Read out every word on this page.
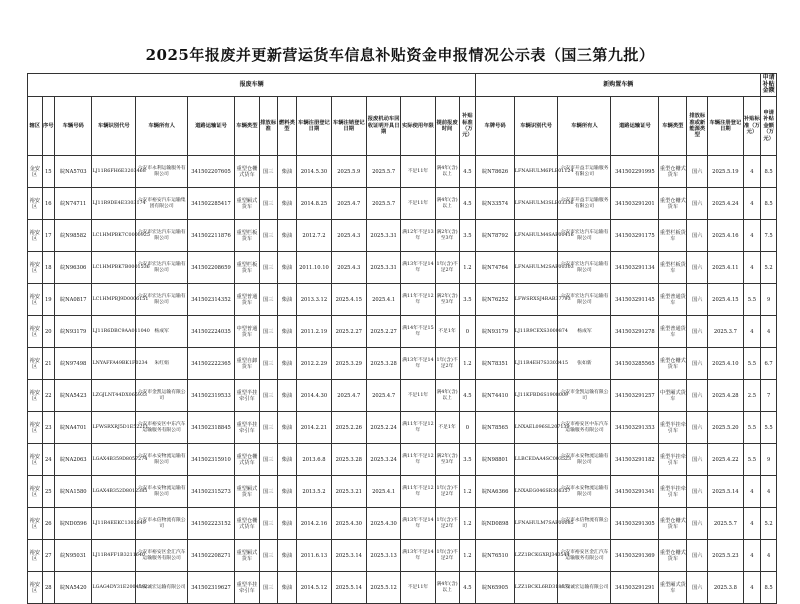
2025年报废并更新营运货车信息补贴资金申报情况公示表（国三第九批）
报废车辆															新购置车辆								申请补贴金额
辖区	序号	车辆号码	车辆识别代号	车辆所有人	道路运输证号	车辆类型	排放标准	燃料类型	车辆注册登记日期	车辆注销登记日期	报废机动车回收证明开具日期	实际使用年限	提前报废时间	补贴标准（万元）	车牌号码	车辆识别代号	车辆所有人	道路运输证号	车辆类型	排放标准或新能源类型	车辆注册登记日期	补贴标准（万元）	申请补贴金额（万元）
金安区	15	皖NA5703	LJ11R6FH6E3203468	六安市永利运输服务有限公司	341502207605	重型仓栅式货车	国三	柴油	2014.5.30	2025.5.9	2025.5.7	不足11年	满4年(含)以上	4.5	皖N78626	LFNAHULM6PLE01124	六安市开益丰运输服务有限公司	341502291995	重型仓栅式货车	国六	2025.5.19	4	8.5
裕安区	16	皖N74711	LJ11R9DE4E3303174	六安市裕安汽车运输集团有限公司	341502285417	重型厢式货车	国三	柴油	2014.8.25	2025.4.7	2025.5.7	不足11年	满4年(含)以上	4.5	皖N33574	LFNAHULM3SLE03336	六安市开益丰运输服务有限公司	341503291201	重型仓栅式货车	国六	2025.4.24	4	8.5
裕安区	17	皖N98582	LC1HMPBK7C0000925	六安市宏达汽车运输有限公司	341502211876	重型栏板货车	国三	柴油	2012.7.2	2025.4.3	2025.3.31	满12年不足13年	满2年(含)至3年	3.5	皖N78792	LFNAHULM4SAF00416	六安市宏达汽车运输有限公司	341503291175	重型栏板货车	国六	2025.4.16	4	7.5
裕安区	18	皖N96306	LC1HMPBK7B0001536	六安市宏达汽车运输有限公司	341502208659	重型栏板货车	国三	柴油	2011.10.10	2025.4.3	2025.3.31	满13年不足14年	1年(含)不足2年	1.2	皖N74764	LFNAHULM2SAF00303	六安市宏达汽车运输有限公司	341503291134	重型栏板货车	国六	2025.4.11	4	5.2
裕安区	19	皖NA0817	LC1HMPBJ9D0006151	六安市宏达汽车运输有限公司	341502314352	重型普通货车	国三	柴油	2013.3.12	2025.4.15	2025.4.1	满11年不足12年	满2年(含)至3年	3.5	皖N76252	LFWSRXSJ4RAB37793	六安市宏达汽车运输有限公司	341503291145	重型普通货车	国六	2025.4.15	5.5	9
裕安区	20	皖N93179	LJ11R6DBC9AA011040	杨成军	341502224035	中型普通货车	国三	柴油	2011.2.19	2025.2.27	2025.2.27	满14年不足15年	不足1年	0	皖N93179	LJ11R9CEXS3000874	杨成军	341503291278	重型普通货车	国六	2025.3.7	4	4
裕安区	21	皖N97498	LNYAFFA49BK1F0234	朱红娟	341502222365	重型自卸货车	国三	柴油	2012.2.29	2025.3.29	2025.3.28	满13年不足14年	1年(含)不足2年	1.2	皖N78351	LJ11R4EH7S3303415	张如新	341503285565	重型仓栅式货车	国六	2025.4.10	5.5	6.7
裕安区	22	皖NA5423	LZGJLNT44DX065933	六安市金凯运输有限公司	341502319533	重型半挂牵引车	国三	柴油	2014.4.30	2025.4.7	2025.4.7	不足11年	满4年(含)以上	4.5	皖N74410	LJ11KFBD6S1908009	六安市金凯运输有限公司	341503291257	中型厢式货车	国六	2025.4.28	2.5	7
裕安区	23	皖NA4701	LFWSRXRJ5D1E52211	六安市裕安区中东汽车运输服务有限公司	341502318845	重型半挂牵引车	国三	柴油	2014.2.21	2025.2.26	2025.2.24	满11年不足12年	不足1年	0	皖N78565	LNXAEL096SL207139	六安市裕安区中东汽车运输服务有限公司	341503291353	重型半挂牵引车	国六	2025.5.20	5.5	5.5
裕安区	24	皖NA2063	LGAX4B359D8057274	六安市永安物流运输有限公司	341502315910	重型仓栅式货车	国三	柴油	2013.6.8	2025.3.28	2025.3.24	满11年不足12年	满2年(含)至3年	3.5	皖N98801	LLBCEDAA4SC003523	六安市永安物流运输有限公司	341503291182	重型半挂牵引车	国六	2025.4.22	5.5	9
裕安区	25	皖NA1580	LGAX4B352D8012385	六安市永安物流运输有限公司	341502315273	重型厢式货车	国三	柴油	2013.5.2	2025.3.21	2025.4.1	满11年不足12年	1年(含)不足2年	1.2	皖NA6366	LNXAEG046SR306357	六安市永安物流运输有限公司	341503291341	重型半挂牵引车	国六	2025.5.14	4	4
裕安区	26	皖ND0596	LJ11R4EEKC1302849	六安市永信物流有限公司	341502223152	重型仓栅式货车	国三	柴油	2014.2.16	2025.4.30	2025.4.30	满13年不足14年	1年(含)不足2年	1.2	皖ND0898	LFNAHULM7SAF00085	六安市永信物流有限公司	341503291305	重型仓栅式货车	国六	2025.5.7	4	5.2
裕安区	27	皖N95031	LJ11R4FF1B3211640	六安市裕安区金汇汽车运输服务有限公司	341502208271	重型厢式货车	国三	柴油	2011.6.13	2025.3.14	2025.3.13	满13年不足14年	1年(含)不足2年	1.2	皖N76510	LZZ1BCKGXRJ343544	六安市裕安区金汇汽车运输服务有限公司	341503291369	重型仓栅式货车	国六	2025.5.23	4	4
裕安区	28	皖NA5420	LGAG4DY31E2004592	六安诚宏运输有限公司	341502319627	重型半挂牵引车	国三	柴油	2014.5.12	2025.5.14	2025.5.12	不足11年	满4年(含)以上	4.5	皖N65905	LZZ1BCKL6RD318671	六安诚宏运输有限公司	341503291291	重型厢式货车	国六	2025.3.8	4	8.5
